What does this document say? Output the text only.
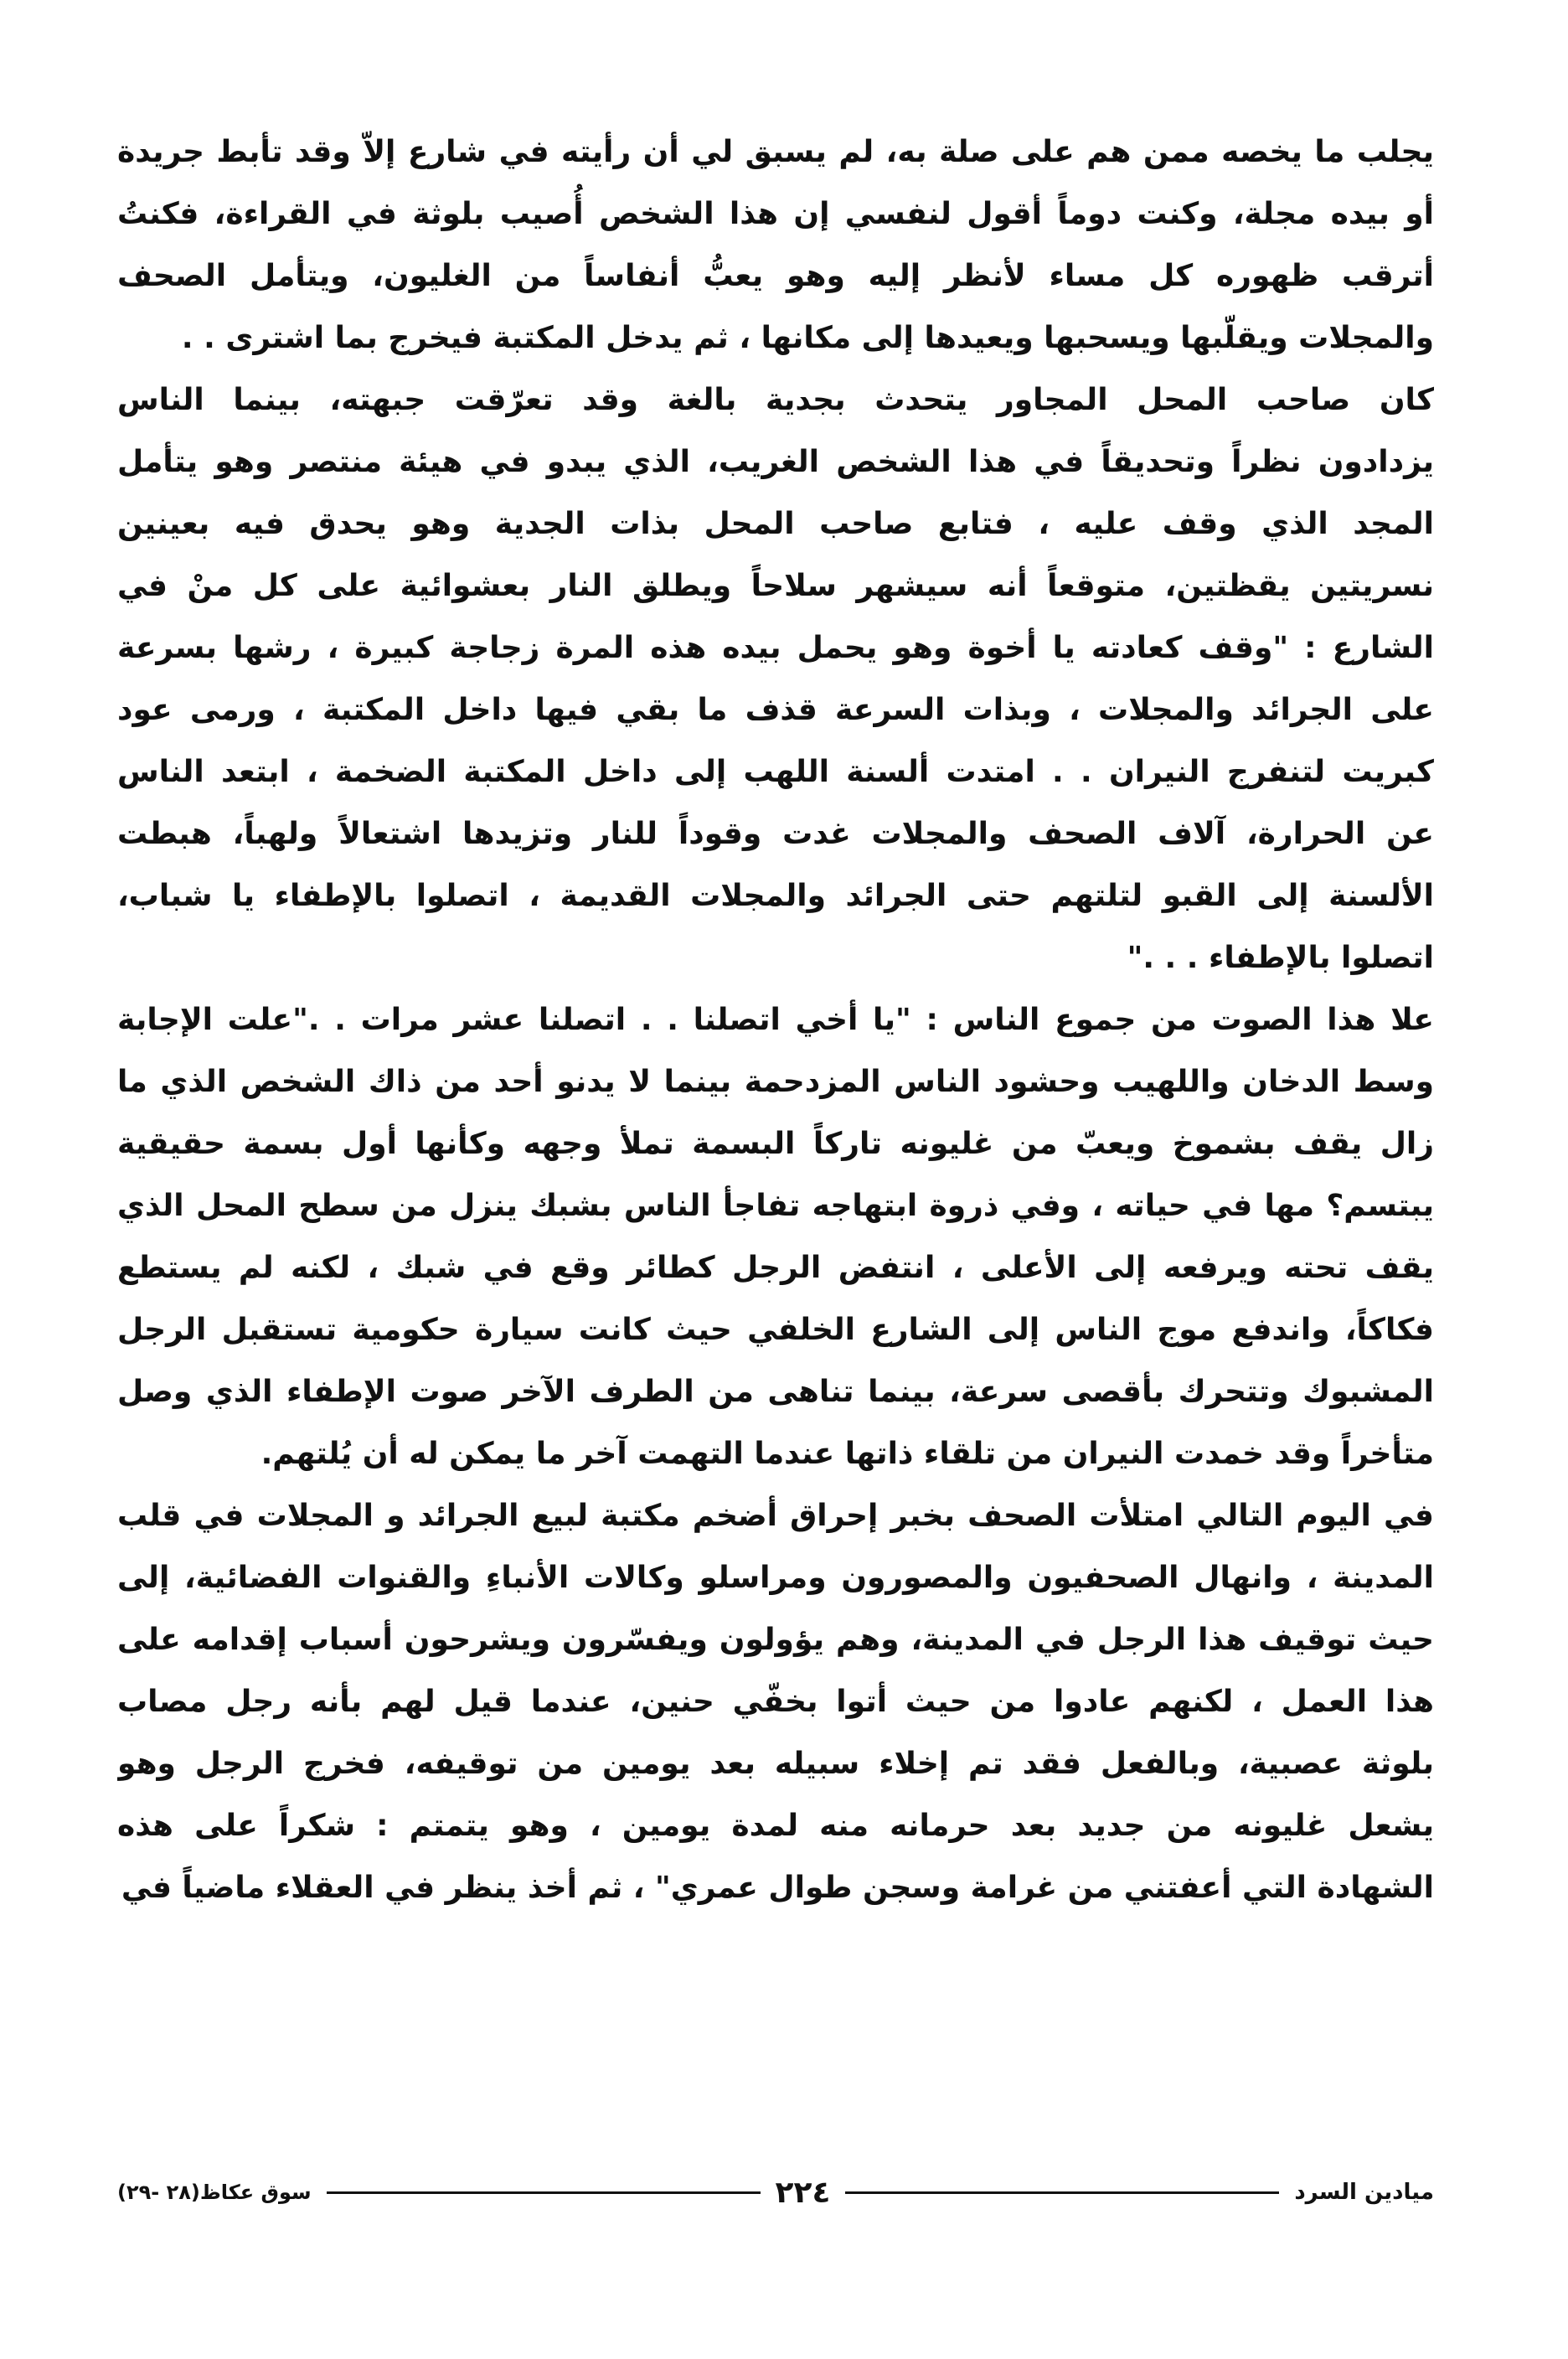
يجلب ما يخصه ممن هم على صلة به، لم يسبق لي أن رأيته في شارع إلاّ وقد تأبط جريدة
أو بيده مجلة، وكنت دوماً أقول لنفسي إن هذا الشخص أُصيب بلوثة في القراءة، فكنتُ
أترقب ظهوره كل مساء لأنظر إليه وهو يعبُّ أنفاساً من الغليون، ويتأمل الصحف
والمجلات ويقلّبها ويسحبها ويعيدها إلى مكانها ، ثم يدخل المكتبة فيخرج بما اشترى . .
كان صاحب المحل المجاور يتحدث بجدية بالغة وقد تعرّقت جبهته، بينما الناس
يزدادون نظراً وتحديقاً في هذا الشخص الغريب، الذي يبدو في هيئة منتصر وهو يتأمل
المجد الذي وقف عليه ، فتابع صاحب المحل بذات الجدية وهو يحدق فيه بعينين
نسريتين يقظتين، متوقعاً أنه سيشهر سلاحاً ويطلق النار بعشوائية على كل منْ في
الشارع : "وقف كعادته يا أخوة وهو يحمل بيده هذه المرة زجاجة كبيرة ، رشها بسرعة
على الجرائد والمجلات ، وبذات السرعة قذف ما بقي فيها داخل المكتبة ، ورمى عود
كبريت لتنفرج النيران . . امتدت ألسنة اللهب إلى داخل المكتبة الضخمة ، ابتعد الناس
عن الحرارة، آلاف الصحف والمجلات غدت وقوداً للنار وتزيدها اشتعالاً ولهباً، هبطت
الألسنة إلى القبو لتلتهم حتى الجرائد والمجلات القديمة ، اتصلوا بالإطفاء يا شباب،
اتصلوا بالإطفاء . . ."
علا هذا الصوت من جموع الناس : "يا أخي اتصلنا . . اتصلنا عشر مرات . ."علت الإجابة
وسط الدخان واللهيب وحشود الناس المزدحمة بينما لا يدنو أحد من ذاك الشخص الذي ما
زال يقف بشموخ ويعبّ من غليونه تاركاً البسمة تملأ وجهه وكأنها أول بسمة حقيقية
يبتسم؟ مها في حياته ، وفي ذروة ابتهاجه تفاجأ الناس بشبك ينزل من سطح المحل الذي
يقف تحته ويرفعه إلى الأعلى ، انتفض الرجل كطائر وقع في شبك ، لكنه لم يستطع
فكاكاً، واندفع موج الناس إلى الشارع الخلفي حيث كانت سيارة حكومية تستقبل الرجل
المشبوك وتتحرك بأقصى سرعة، بينما تناهى من الطرف الآخر صوت الإطفاء الذي وصل
متأخراً وقد خمدت النيران من تلقاء ذاتها عندما التهمت آخر ما يمكن له أن يُلتهم.
في اليوم التالي امتلأت الصحف بخبر إحراق أضخم مكتبة لبيع الجرائد و المجلات في قلب
المدينة ، وانهال الصحفيون والمصورون ومراسلو وكالات الأنباءِ والقنوات الفضائية، إلى
حيث توقيف هذا الرجل في المدينة، وهم يؤولون ويفسّرون ويشرحون أسباب إقدامه على
هذا العمل ، لكنهم عادوا من حيث أتوا بخفّي حنين، عندما قيل لهم بأنه رجل مصاب
بلوثة عصبية، وبالفعل فقد تم إخلاء سبيله بعد يومين من توقيفه، فخرج الرجل وهو
يشعل غليونه من جديد بعد حرمانه منه لمدة يومين ، وهو يتمتم : شكراً على هذه
الشهادة التي أعفتني من غرامة وسجن طوال عمري" ، ثم أخذ ينظر في العقلاء ماضياً في
ميادين السرد
٢٢٤
سوق عكاظ(٢٨ -٢٩)
